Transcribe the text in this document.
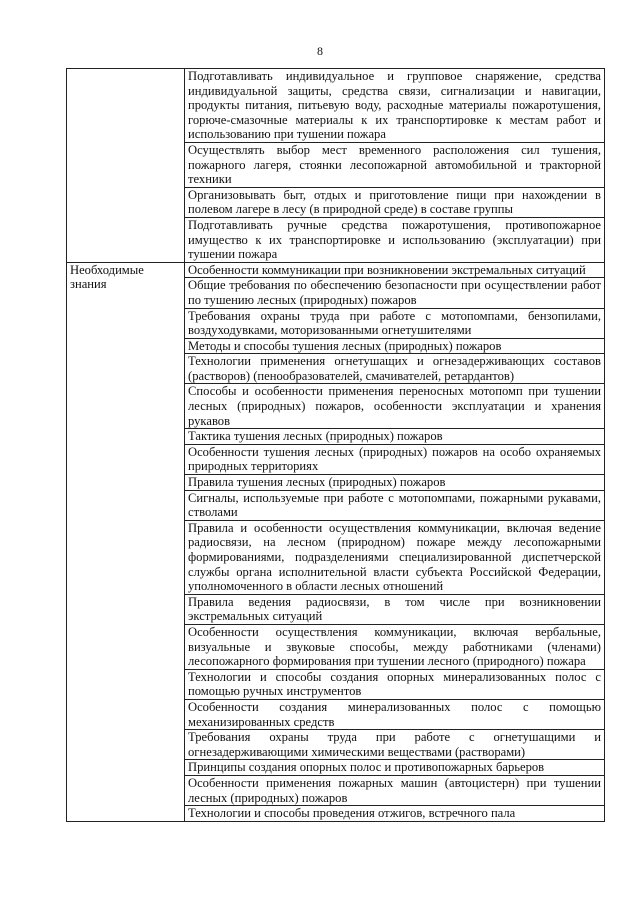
8
	Подготавливать индивидуальное и групповое снаряжение, средства индивидуальной защиты, средства связи, сигнализации и навигации, продукты питания, питьевую воду, расходные материалы пожаротушения, горюче-смазочные материалы к их транспортировке к местам работ и использованию при тушении пожара
	Осуществлять выбор мест временного расположения сил тушения, пожарного лагеря, стоянки лесопожарной автомобильной и тракторной техники
	Организовывать быт, отдых и приготовление пищи при нахождении в полевом лагере в лесу (в природной среде) в составе группы
	Подготавливать ручные средства пожаротушения, противопожарное имущество к их транспортировке и использованию (эксплуатации) при тушении пожара
Необходимые знания	Особенности коммуникации при возникновении экстремальных ситуаций
	Общие требования по обеспечению безопасности при осуществлении работ по тушению лесных (природных) пожаров
	Требования охраны труда при работе с мотопомпами, бензопилами, воздуходувками, моторизованными огнетушителями
	Методы и способы тушения лесных (природных) пожаров
	Технологии применения огнетушащих и огнезадерживающих составов (растворов) (пенообразователей, смачивателей, ретардантов)
	Способы и особенности применения переносных мотопомп при тушении лесных (природных) пожаров, особенности эксплуатации и хранения рукавов
	Тактика тушения лесных (природных) пожаров
	Особенности тушения лесных (природных) пожаров на особо охраняемых природных территориях
	Правила тушения лесных (природных) пожаров
	Сигналы, используемые при работе с мотопомпами, пожарными рукавами, стволами
	Правила и особенности осуществления коммуникации, включая ведение радиосвязи, на лесном (природном) пожаре между лесопожарными формированиями, подразделениями специализированной диспетчерской службы органа исполнительной власти субъекта Российской Федерации, уполномоченного в области лесных отношений
	Правила ведения радиосвязи, в том числе при возникновении экстремальных ситуаций
	Особенности осуществления коммуникации, включая вербальные, визуальные и звуковые способы, между работниками (членами) лесопожарного формирования при тушении лесного (природного) пожара
	Технологии и способы создания опорных минерализованных полос с помощью ручных инструментов
	Особенности создания минерализованных полос с помощью механизированных средств
	Требования охраны труда при работе с огнетушащими и огнезадерживающими химическими веществами (растворами)
	Принципы создания опорных полос и противопожарных барьеров
	Особенности применения пожарных машин (автоцистерн) при тушении лесных (природных) пожаров
	Технологии и способы проведения отжигов, встречного пала
